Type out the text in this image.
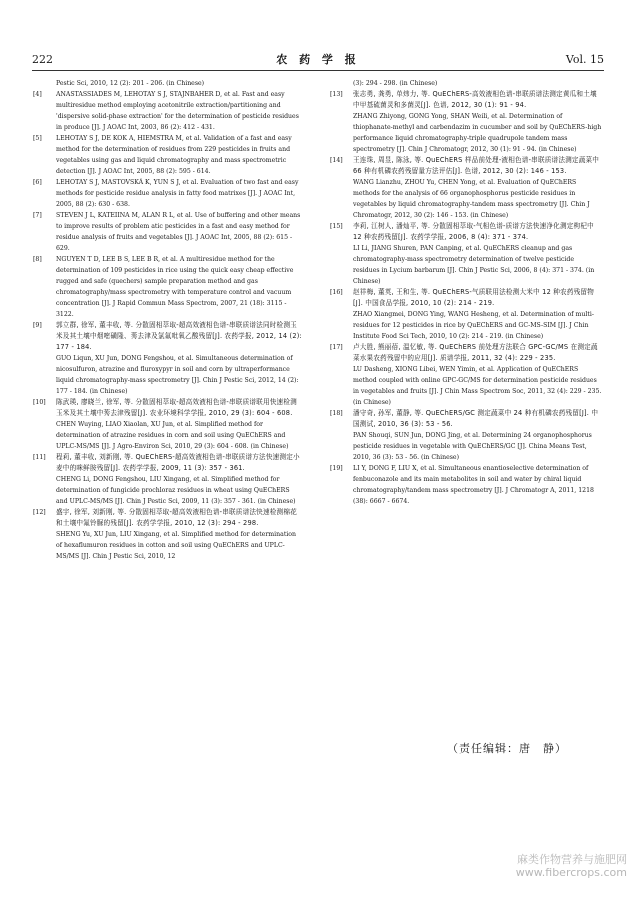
222	农 药 学 报	Vol. 15
Pestic Sci, 2010, 12 (2): 201 - 206. (in Chinese)
[4]	ANASTASSIADES M, LEHOTAY S J, STAJNBAHER D, et al. Fast and easy multiresidue method employing acetonitrile extraction/partitioning and 'dispersive solid-phase extraction' for the determination of pesticide residues in produce [J]. J AOAC Int, 2003, 86 (2): 412 - 431.
[5]	LEHOTAY S J, DE KOK A, HIEMSTRA M, et al. Validation of a fast and easy method for the determination of residues from 229 pesticides in fruits and vegetables using gas and liquid chromatography and mass spectrometric detection [J]. J AOAC Int, 2005, 88 (2): 595 - 614.
[6]	LEHOTAY S J, MASTOVSKÁ K, YUN S J, et al. Evaluation of two fast and easy methods for pesticide residue analysis in fatty food matrixes [J]. J AOAC Int, 2005, 88 (2): 630 - 638.
[7]	STEVEN J L, KATEIINA M, ALAN R L, et al. Use of buffering and other means to improve results of problem atic pesticides in a fast and easy method for residue analysis of fruits and vegetables [J]. J AOAC Int, 2005, 88 (2): 615 - 629.
[8]	NGUYEN T D, LEE B S, LEE B R, et al. A multiresidue method for the determination of 109 pesticides in rice using the quick easy cheap effective rugged and safe (quechers) sample preparation method and gas chromatography/mass spectrometry with temperature control and vacuum concentration [J]. J Rapid Commun Mass Spectrom, 2007, 21 (18): 3115 - 3122.
[9]	郭立群, 徐军, 董丰收, 等. 分散固相萃取-超高效液相色谱-串联质谱法同时检测玉米及其土壤中烟嘧磺隆、莠去津及氯氟吡氧乙酸残留[J]. 农药学报, 2012, 14 (2): 177 - 184.
GUO Liqun, XU Jun, DONG Fengshou, et al. Simultaneous determination of nicosulfuron, atrazine and fluroxypyr in soil and corn by ultraperformance liquid chromatography-mass spectrometry [J]. Chin J Pestic Sci, 2012, 14 (2): 177 - 184. (in Chinese)
[10]	陈武瑛, 廖晓兰, 徐军, 等. 分散固相萃取-超高效液相色谱-串联质谱联用快速检测玉米及其土壤中莠去津残留[J]. 农业环境科学学报, 2010, 29 (3): 604 - 608.
CHEN Wuying, LIAO Xiaolan, XU Jun, et al. Simplified method for determination of atrazine residues in corn and soil using QuEChERS and UPLC-MS/MS [J]. J Agro-Environ Sci, 2010, 29 (3): 604 - 608. (in Chinese)
[11]	程莉, 董丰收, 刘新刚, 等. QuEChERS-超高效液相色谱-串联质谱方法快速测定小麦中的咪鲜胺残留[J]. 农药学学报, 2009, 11 (3): 357 - 361.
CHENG Li, DONG Fengshou, LIU Xingang, et al. Simplified method for determination of fungicide prochloraz residues in wheat using QuEChERS and UPLC-MS/MS [J]. Chin J Pestic Sci, 2009, 11 (3): 357 - 361. (in Chinese)
[12]	盛宇, 徐军, 刘新刚, 等. 分散固相萃取-超高效液相色谱-串联质谱法快速检测棉花和土壤中氟铃脲的残留[J]. 农药学学报, 2010, 12 (3): 294 - 298.
SHENG Yu, XU Jun, LIU Xingang, et al. Simplified method for determination of hexaflumuron residues in cotton and soil using QuEChERS and UPLC-MS/MS [J]. Chin J Pestic Sci, 2010, 12
(3): 294 - 298. (in Chinese)
[13]	张志勇, 龚勇, 单炜力, 等. QuEChERS-高效液相色谱-串联质谱法测定黄瓜和土壤中甲基硫菌灵和多菌灵[J]. 色谱, 2012, 30 (1): 91 - 94.
ZHANG Zhiyong, GONG Yong, SHAN Weili, et al. Determination of thiophanate-methyl and carbendazim in cucumber and soil by QuEChERS-high performance liquid chromatography-triple quadrupole tandem mass spectrometry [J]. Chin J Chromatogr, 2012, 30 (1): 91 - 94. (in Chinese)
[14]	王连珠, 周昱, 陈泳, 等. QuEChERS 样品前处理-液相色谱-串联质谱法测定蔬菜中 66 种有机磷农药残留量方法评估[J]. 色谱, 2012, 30 (2): 146 - 153.
WANG Lianzhu, ZHOU Yu, CHEN Yong, et al. Evaluation of QuEChERS methods for the analysis of 66 organophosphorus pesticide residues in vegetables by liquid chromatography-tandem mass spectrometry [J]. Chin J Chromatogr, 2012, 30 (2): 146 - 153. (in Chinese)
[15]	李莉, 江树人, 潘灿平, 等. 分散固相萃取-气相色谱-质谱方法快速净化测定枸杞中 12 种农药残留[J]. 农药学学报, 2006, 8 (4): 371 - 374.
LI Li, JIANG Shuren, PAN Canping, et al. QuEChERS cleanup and gas chromatography-mass spectrometry determination of twelve pesticide residues in Lycium barbarum [J]. Chin J Pestic Sci, 2006, 8 (4): 371 - 374. (in Chinese)
[16]	赵祥梅, 董英, 王和生, 等. QuEChERS-气质联用法检测大米中 12 种农药残留物[J]. 中国食品学报, 2010, 10 (2): 214 - 219.
ZHAO Xiangmei, DONG Ying, WANG Hesheng, et al. Determination of multi-residues for 12 pesticides in rice by QuEChERS and GC-MS-SIM [J]. J Chin Institute Food Sci Tech, 2010, 10 (2): 214 - 219. (in Chinese)
[17]	卢大胜, 熊丽蓓, 温忆敏, 等. QuEChERS 前处理方法联合 GPC-GC/MS 在测定蔬菜水果农药残留中的应用[J]. 质谱学报, 2011, 32 (4): 229 - 235.
LU Dasheng, XIONG Libei, WEN Yimin, et al. Application of QuEChERS method coupled with online GPC-GC/MS for determination pesticide residues in vegetables and fruits [J]. J Chin Mass Spectrom Soc, 2011, 32 (4): 229 - 235. (in Chinese)
[18]	潘守奇, 孙军, 董静, 等. QuEChERS/GC 测定蔬菜中 24 种有机磷农药残留[J]. 中国测试, 2010, 36 (3): 53 - 56.
PAN Shouqi, SUN Jun, DONG Jing, et al. Determining 24 organophosphorus pesticide residues in vegetable with QuEChERS/GC [J]. China Means Test, 2010, 36 (3): 53 - 56. (in Chinese)
[19]	LI Y, DONG F, LIU X, et al. Simultaneous enantioselective determination of fenbuconazole and its main metabolites in soil and water by chiral liquid chromatography/tandem mass spectrometry [J]. J Chromatogr A, 2011, 1218 (38): 6667 - 6674.
（责任编辑：唐　静）
麻类作物营养与施肥网
www.fibercrops.com
